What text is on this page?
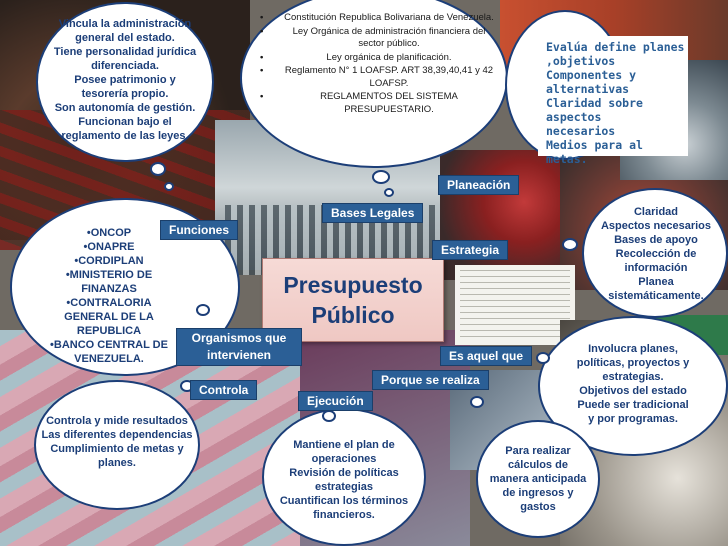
Vincula la administración
general del estado.
Tiene personalidad jurídica
diferenciada.
Posee patrimonio y
tesorería propio.
Son autonomía de gestión.
Funcionan bajo el
reglamento de las leyes.
• Constitución Republica Bolivariana de Venezuela.
• Ley Orgánica de administración financiera del sector público.
• Ley orgánica de planificación.
• Reglamento N° 1 LOAFSP. ART 38,39,40,41 y 42 LOAFSP.
• REGLAMENTOS DEL SISTEMA PRESUPUESTARIO.
Evalúa define planes
,objetivos
Componentes y
alternativas
Claridad sobre aspectos
necesarios
Medios para al
metas.
• ONCOP
• ONAPRE
• CORDIPLAN
• MINISTERIO DE FINANZAS
• CONTRALORIA GENERAL DE LA REPUBLICA
• BANCO CENTRAL DE VENEZUELA.
Claridad
Aspectos necesarios
Bases de apoyo
Recolección de
información
Planea
sistemáticamente.
Involucra planes,
políticas, proyectos y
estrategias.
Objetivos del estado
Puede ser tradicional
y por programas.
Controla y mide resultados
Las diferentes dependencias
Cumplimiento de metas y
planes.
Mantiene el plan de
operaciones
Revisión de políticas
estrategias
Cuantifican los términos
financieros.
Para realizar
cálculos de
manera anticipada
de ingresos y
gastos
Presupuesto Público
Funciones
Bases Legales
Planeación
Estrategia
Organismos que intervienen	Es aquel que
Porque se realiza
Controla
Ejecución
